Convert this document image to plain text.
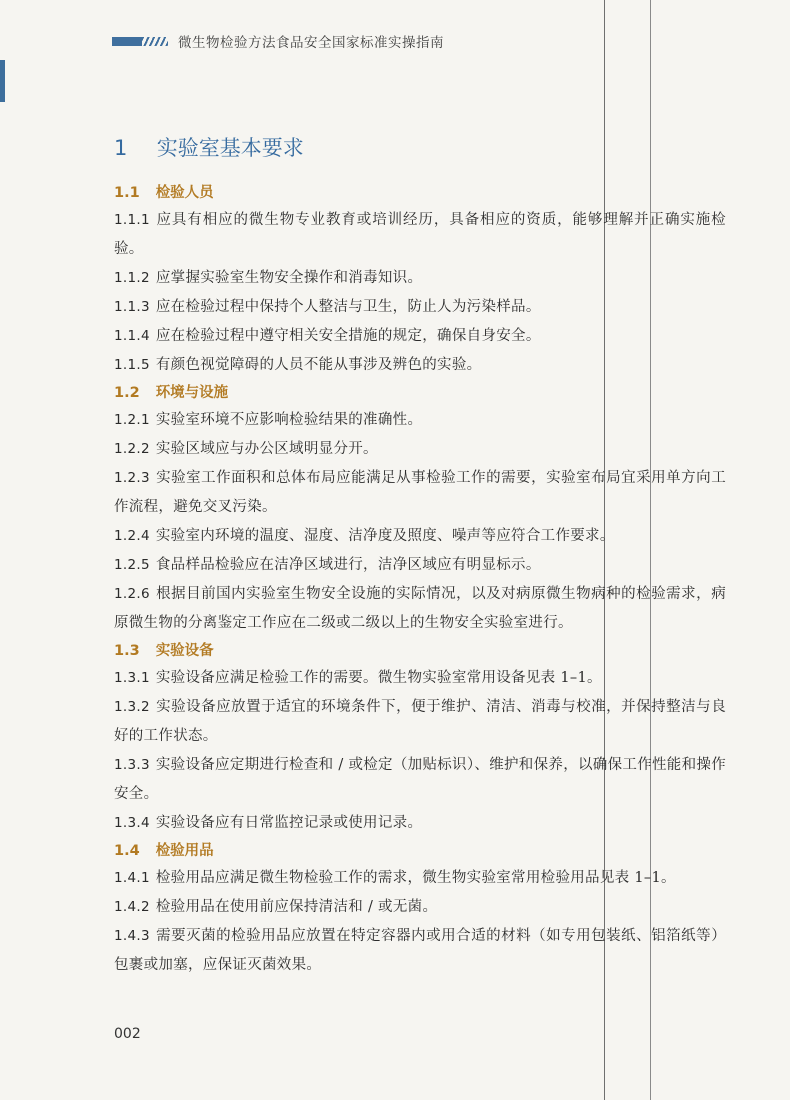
微生物检验方法食品安全国家标准实操指南
1 实验室基本要求
1.1 检验人员

1.1.1 应具有相应的微生物专业教育或培训经历，具备相应的资质，能够理解并正确实施检验。

1.1.2 应掌握实验室生物安全操作和消毒知识。

1.1.3 应在检验过程中保持个人整洁与卫生，防止人为污染样品。

1.1.4 应在检验过程中遵守相关安全措施的规定，确保自身安全。

1.1.5 有颜色视觉障碍的人员不能从事涉及辨色的实验。

1.2 环境与设施

1.2.1 实验室环境不应影响检验结果的准确性。

1.2.2 实验区域应与办公区域明显分开。

1.2.3 实验室工作面积和总体布局应能满足从事检验工作的需要，实验室布局宜采用单方向工作流程，避免交叉污染。

1.2.4 实验室内环境的温度、湿度、洁净度及照度、噪声等应符合工作要求。

1.2.5 食品样品检验应在洁净区域进行，洁净区域应有明显标示。

1.2.6 根据目前国内实验室生物安全设施的实际情况，以及对病原微生物病种的检验需求，病原微生物的分离鉴定工作应在二级或二级以上的生物安全实验室进行。

1.3 实验设备

1.3.1 实验设备应满足检验工作的需要。微生物实验室常用设备见表 1–1。

1.3.2 实验设备应放置于适宜的环境条件下，便于维护、清洁、消毒与校准，并保持整洁与良好的工作状态。

1.3.3 实验设备应定期进行检查和 / 或检定（加贴标识）、维护和保养，以确保工作性能和操作安全。

1.3.4 实验设备应有日常监控记录或使用记录。

1.4 检验用品

1.4.1 检验用品应满足微生物检验工作的需求，微生物实验室常用检验用品见表 1–1。

1.4.2 检验用品在使用前应保持清洁和 / 或无菌。

1.4.3 需要灭菌的检验用品应放置在特定容器内或用合适的材料（如专用包装纸、铝箔纸等）包裹或加塞，应保证灭菌效果。

002
